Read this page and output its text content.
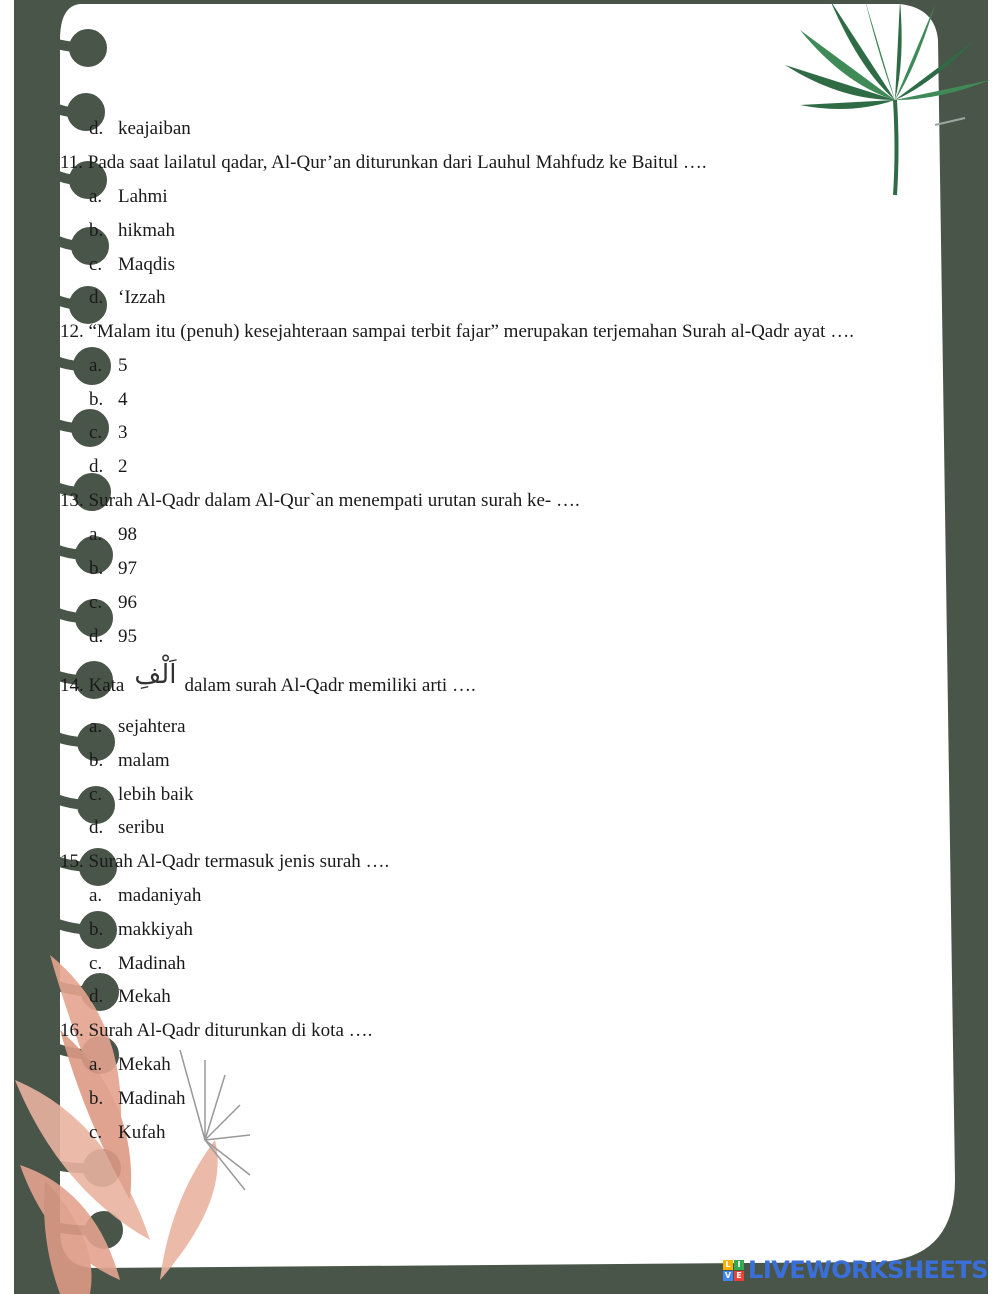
d. keajaiban
11. Pada saat lailatul qadar, Al-Qur’an diturunkan dari Lauhul Mahfudz ke Baitul ….
a. Lahmi
b. hikmah
c. Maqdis
d. ‘Izzah
12. “Malam itu (penuh) kesejahteraan sampai terbit fajar” merupakan terjemahan Surah al-Qadr ayat ….
a. 5
b. 4
c. 3
d. 2
13. Surah Al-Qadr dalam Al-Qur`an menempati urutan surah ke- ….
a. 98
b. 97
c. 96
d. 95
14. Kata اَلْفِ dalam surah Al-Qadr memiliki arti ….
a. sejahtera
b. malam
c. lebih baik
d. seribu
15. Surah Al-Qadr termasuk jenis surah ….
a. madaniyah
b. makkiyah
c. Madinah
d. Mekah
16. Surah Al-Qadr diturunkan di kota ….
a. Mekah
b. Madinah
c. Kufah
L I
V E LIVEWORKSHEETS
